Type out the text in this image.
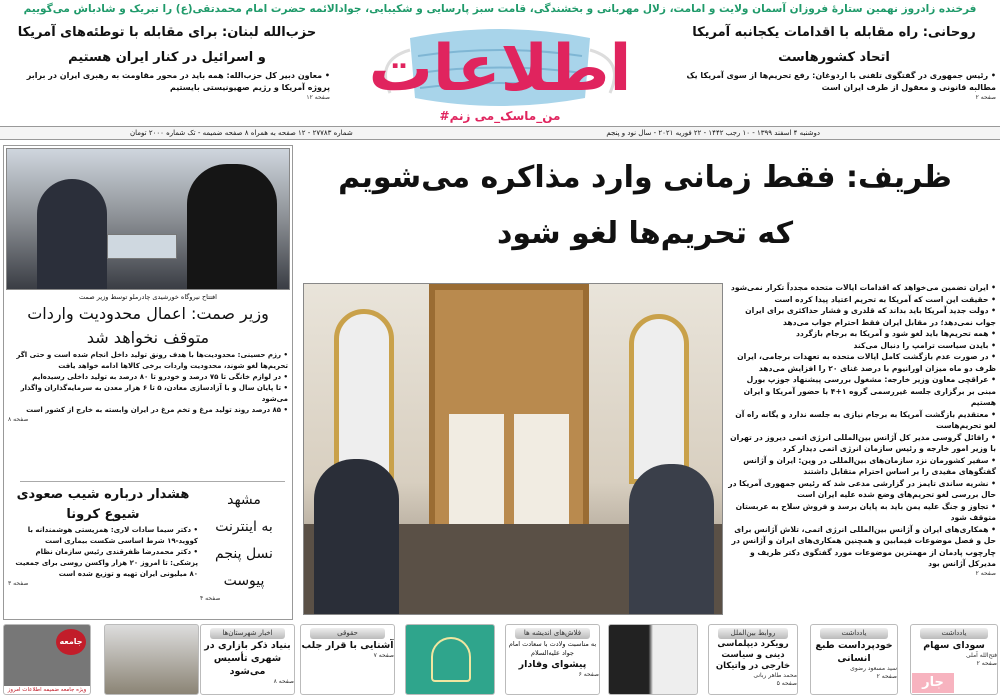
فرخنده زادروز نهمین ستارهٔ فروزان آسمان ولایت و امامت، زلال مهربانی و بخشندگی، قامت سبز پارسایی و شکیبایی، جوادالائمه حضرت امام محمدتقی(ع) را تبریک و شادباش می‌گوییم
روحانی: راه مقابله با اقدامات یکجانبه آمریکا
اتحاد کشورهاست
• رئیس جمهوری در گفتگوی تلفنی با اردوغان: رفع تحریم‌ها از سوی آمریکا یک مطالبه قانونی و معقول از طرف ایران است
صفحه ۲
حزب‌الله لبنان: برای مقابله با توطئه‌های آمریکا
و اسرائیل در کنار ایران هستیم
• معاون دبیر کل حزب‌الله: همه باید در محور مقاومت به رهبری ایران در برابر پروژه آمریکا و رژیم صهیونیستی بایستیم
صفحه ۱۲
دوشنبه ۴ اسفند ۱۳۹۹ - ۱۰ رجب ۱۴۴۲ - ۲۲ فوریه ۲۰۲۱ - سال نود و پنجم
شماره ۲۷۷۸۳ - ۱۲ صفحه به همراه ۸ صفحه ضمیمه - تک شماره ۲۰۰۰ تومان
اطلاعات
#من_ماسک_می زنم
ظریف: فقط زمانی وارد مذاکره می‌شویم
که تحریم‌ها لغو شود
• ایران تضمین می‌خواهد که اقدامات ایالات متحده مجدداً تکرار نمی‌شود
• حقیقت این است که آمریکا به تحریم اعتیاد پیدا کرده است
• دولت جدید آمریکا باید بداند که قلدری و فشار حداکثری برای ایران جواب نمی‌دهد؛ در مقابل ایران فقط احترام جواب می‌دهد
• همه تحریم‌ها باید لغو شود و آمریکا به برجام بازگردد
• بایدن سیاست ترامپ را دنبال می‌کند
• در صورت عدم بازگشت کامل ایالات متحده به تعهدات برجامی، ایران ظرف دو ماه میزان اورانیوم با درصد غنای ۲۰ را افزایش می‌دهد
• عراقچی معاون وزیر خارجه: مشغول بررسی پیشنهاد جوزپ بورل مبنی بر برگزاری جلسه غیررسمی گروه ۱+۴ با حضور آمریکا و ایران هستیم
• معتقدیم بازگشت آمریکا به برجام نیازی به جلسه ندارد و یگانه راه آن لغو تحریم‌هاست
• رافائل گروسی مدیر کل آژانس بین‌المللی انرژی اتمی دیروز در تهران با وزیر امور خارجه و رئیس سازمان انرژی اتمی دیدار کرد
• سفیر کشورمان نزد سازمان‌های بین‌المللی در وین: ایران و آژانس گفتگوهای مفیدی را بر اساس احترام متقابل داشتند
• نشریه ساندی تایمز در گزارشی مدعی شد که رئیس جمهوری آمریکا در حال بررسی لغو تحریم‌های وضع شده علیه ایران است
• تجاوز و جنگ علیه یمن باید به پایان برسد و فروش سلاح به عربستان متوقف شود
• همکاری‌های ایران و آژانس بین‌المللی انرژی اتمی، تلاش آژانس برای حل و فصل موضوعات فیمابین و همچنین همکاری‌های ایران و آژانس در چارچوب پادمان از مهمترین موضوعات مورد گفتگوی دکتر ظریف و مدیرکل آژانس بود
صفحه ۲
افتتاح نیروگاه خورشیدی چادرملو توسط وزیر صمت
وزیر صمت: اعمال محدودیت واردات
متوقف نخواهد شد
• رزم حسینی: محدودیت‌ها با هدف رونق تولید داخل انجام شده است و حتی اگر تحریم‌ها لغو شوند، محدودیت واردات برخی کالاها ادامه خواهد یافت
• در لوازم خانگی تا ۷۵ درصد و خودرو تا ۸۰ درصد به تولید داخلی رسیده‌ایم
• تا پایان سال و با آزادسازی معادن، ۵ تا ۶ هزار معدن به سرمایه‌گذاران واگذار می‌شود
• ۸۵ درصد روند تولید مرغ و تخم مرغ در ایران وابسته به خارج از کشور است
صفحه ۸
هشدار درباره شیب صعودی
شیوع کرونا
• دکتر سیما سادات لاری: همزیستی هوشمندانه با کووید-۱۹ شرط اساسی شکست بیماری است
• دکتر محمدرضا ظفرقندی رئیس سازمان نظام پزشکی: تا امروز ۲۰ هزار واکسن روسی برای جمعیت ۸۰ میلیونی ایران تهیه و توزیع شده است
صفحه ۳
مشهد
به اینترنت
نسل پنجم
پیوست
صفحه ۴
یادداشت
سودای سهام
فتح‌الله آملی
صفحه ۲
یادداشت
خودپرداست طبع انسانی
سید مسعود رضوی
صفحه ۲
روابط بین‌الملل
رویکرد دیپلماسی دینی و سیاست خارجی در واتیکان
محمد طاهر ربانی
صفحه ۵
فلاش‌های اندیشه ها
به مناسبت ولادت با سعادت امام جواد علیه‌السلام
پیشوای وفادار
صفحه ۶
حقوقی
آشنایی با قرار جلب
صفحه ۷
اخبار شهرستان‌ها
بنیاد ذکر بازاری در شهری تأسیس می‌شود
صفحه ۸	جار
جامعه
ویژه جامعه ضمیمه اطلاعات امروز
